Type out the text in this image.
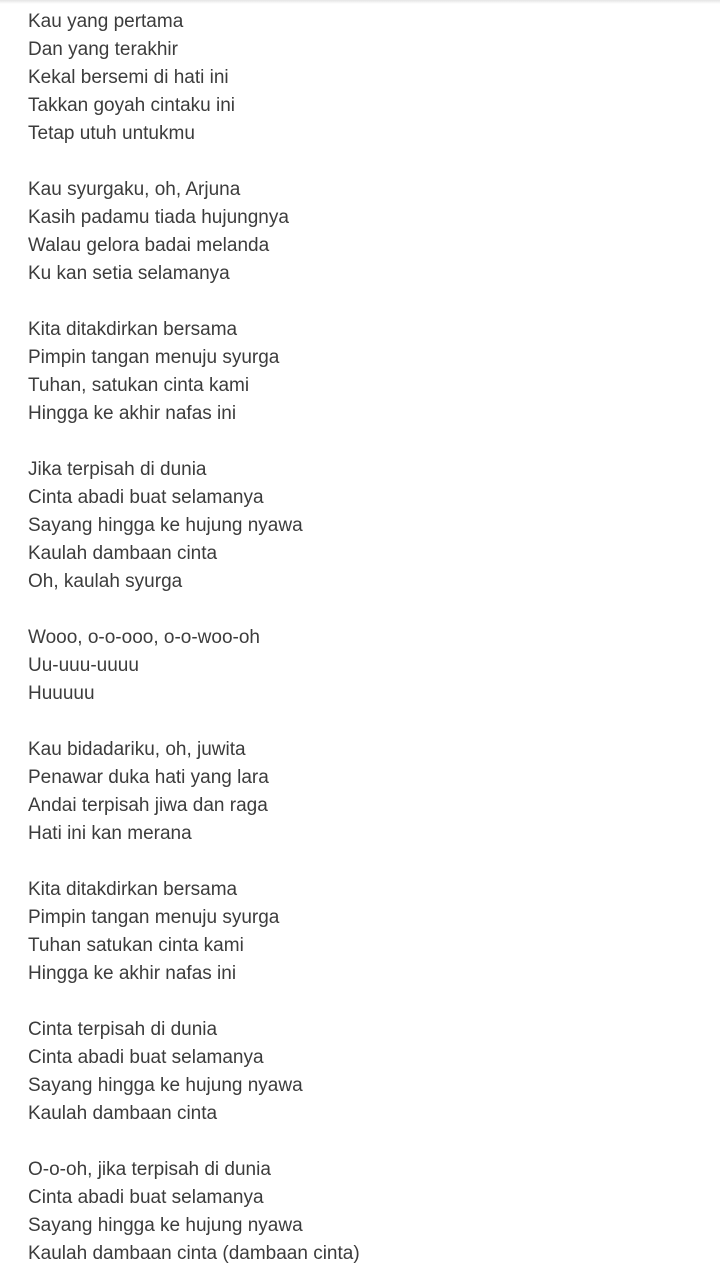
Kau yang pertama
Dan yang terakhir
Kekal bersemi di hati ini
Takkan goyah cintaku ini
Tetap utuh untukmu
Kau syurgaku, oh, Arjuna
Kasih padamu tiada hujungnya
Walau gelora badai melanda
Ku kan setia selamanya
Kita ditakdirkan bersama
Pimpin tangan menuju syurga
Tuhan, satukan cinta kami
Hingga ke akhir nafas ini
Jika terpisah di dunia
Cinta abadi buat selamanya
Sayang hingga ke hujung nyawa
Kaulah dambaan cinta
Oh, kaulah syurga
Wooo, o-o-ooo, o-o-woo-oh
Uu-uuu-uuuu
Huuuuu
Kau bidadariku, oh, juwita
Penawar duka hati yang lara
Andai terpisah jiwa dan raga
Hati ini kan merana
Kita ditakdirkan bersama
Pimpin tangan menuju syurga
Tuhan satukan cinta kami
Hingga ke akhir nafas ini
Cinta terpisah di dunia
Cinta abadi buat selamanya
Sayang hingga ke hujung nyawa
Kaulah dambaan cinta
O-o-oh, jika terpisah di dunia
Cinta abadi buat selamanya
Sayang hingga ke hujung nyawa
Kaulah dambaan cinta (dambaan cinta)
